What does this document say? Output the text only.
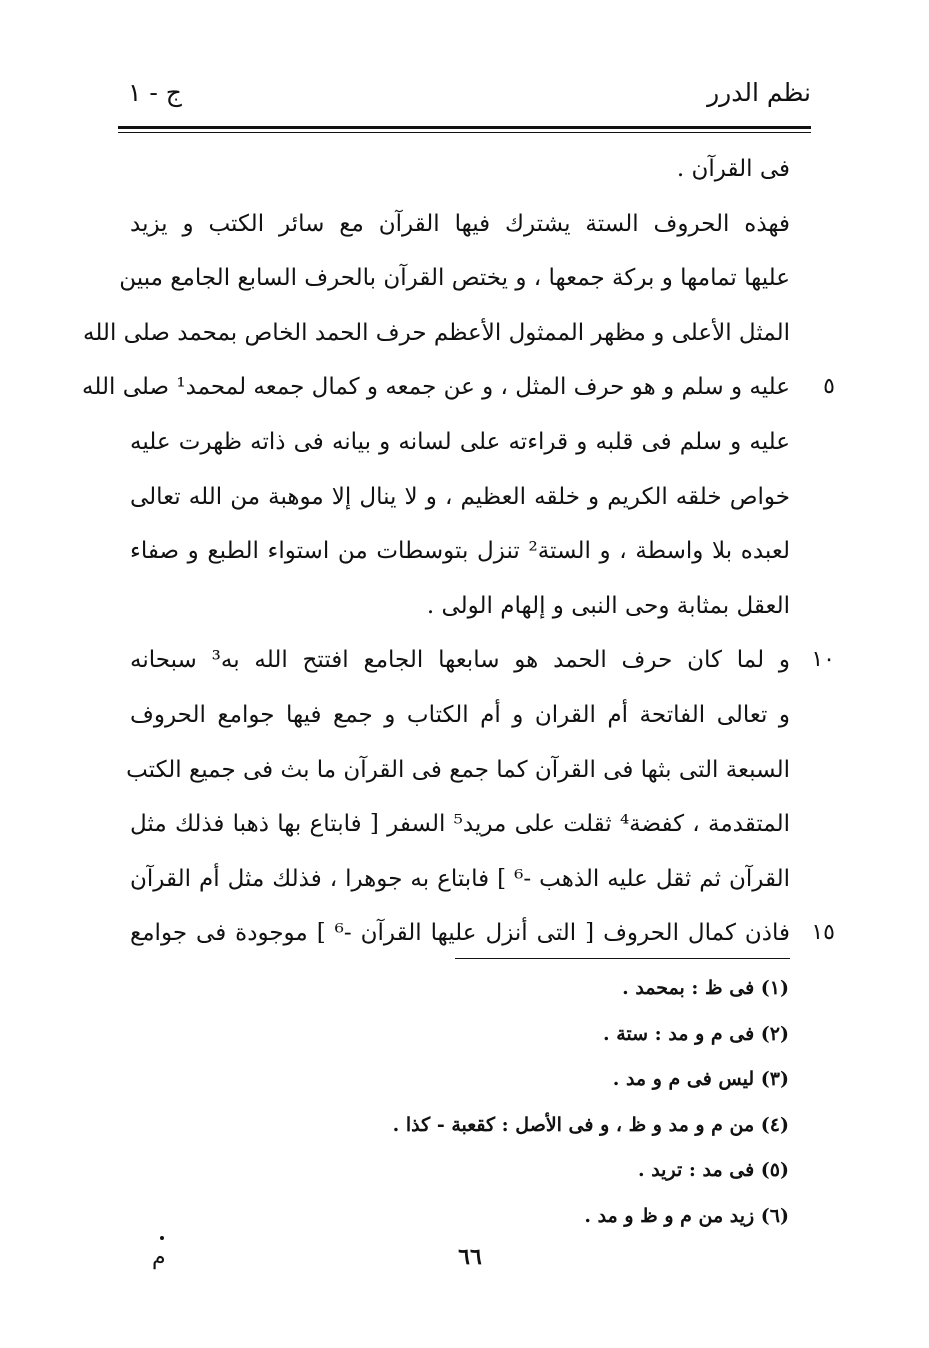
نظم الدرر
ج - ١
فى القرآن .
فهذه الحروف الستة يشترك فيها القرآن مع سائر الكتب و يزيد
عليها تمامها و بركة جمعها ، و يختص القرآن بالحرف السابع الجامع مبين
المثل الأعلى و مظهر الممثول الأعظم حرف الحمد الخاص بمحمد صلى الله
عليه و سلم و هو حرف المثل ، و عن جمعه و كمال جمعه لمحمد¹ صلى الله ٥
عليه و سلم فى قلبه و قراءته على لسانه و بيانه فى ذاته ظهرت عليه
خواص خلقه الكريم و خلقه العظيم ، و لا ينال إلا موهبة من الله تعالى
لعبده بلا واسطة ، و الستة² تنزل بتوسطات من استواء الطبع و صفاء
العقل بمثابة وحى النبى و إلهام الولى .
و لما كان حرف الحمد هو سابعها الجامع افتتح الله به³ سبحانه ١٠
و تعالى الفاتحة أم القران و أم الكتاب و جمع فيها جوامع الحروف
السبعة التى بثها فى القرآن كما جمع فى القرآن ما بث فى جميع الكتب
المتقدمة ، كفضة⁴ ثقلت على مريد⁵ السفر [ فابتاع بها ذهبا فذلك مثل
القرآن ثم ثقل عليه الذهب -⁶ ] فابتاع به جوهرا ، فذلك مثل أم القرآن
فاذن كمال الحروف [ التى أنزل عليها القرآن -⁶ ] موجودة فى جوامع ١٥
(١) فى ظ : بمحمد .
(٢) فى م و مد : ستة .
(٣) ليس فى م و مد .
(٤) من م و مد و ظ ، و فى الأصل : كقعبة - كذا .
(٥) فى مد : تريد .
(٦) زيد من م و ظ و مد .
٦٦
م
